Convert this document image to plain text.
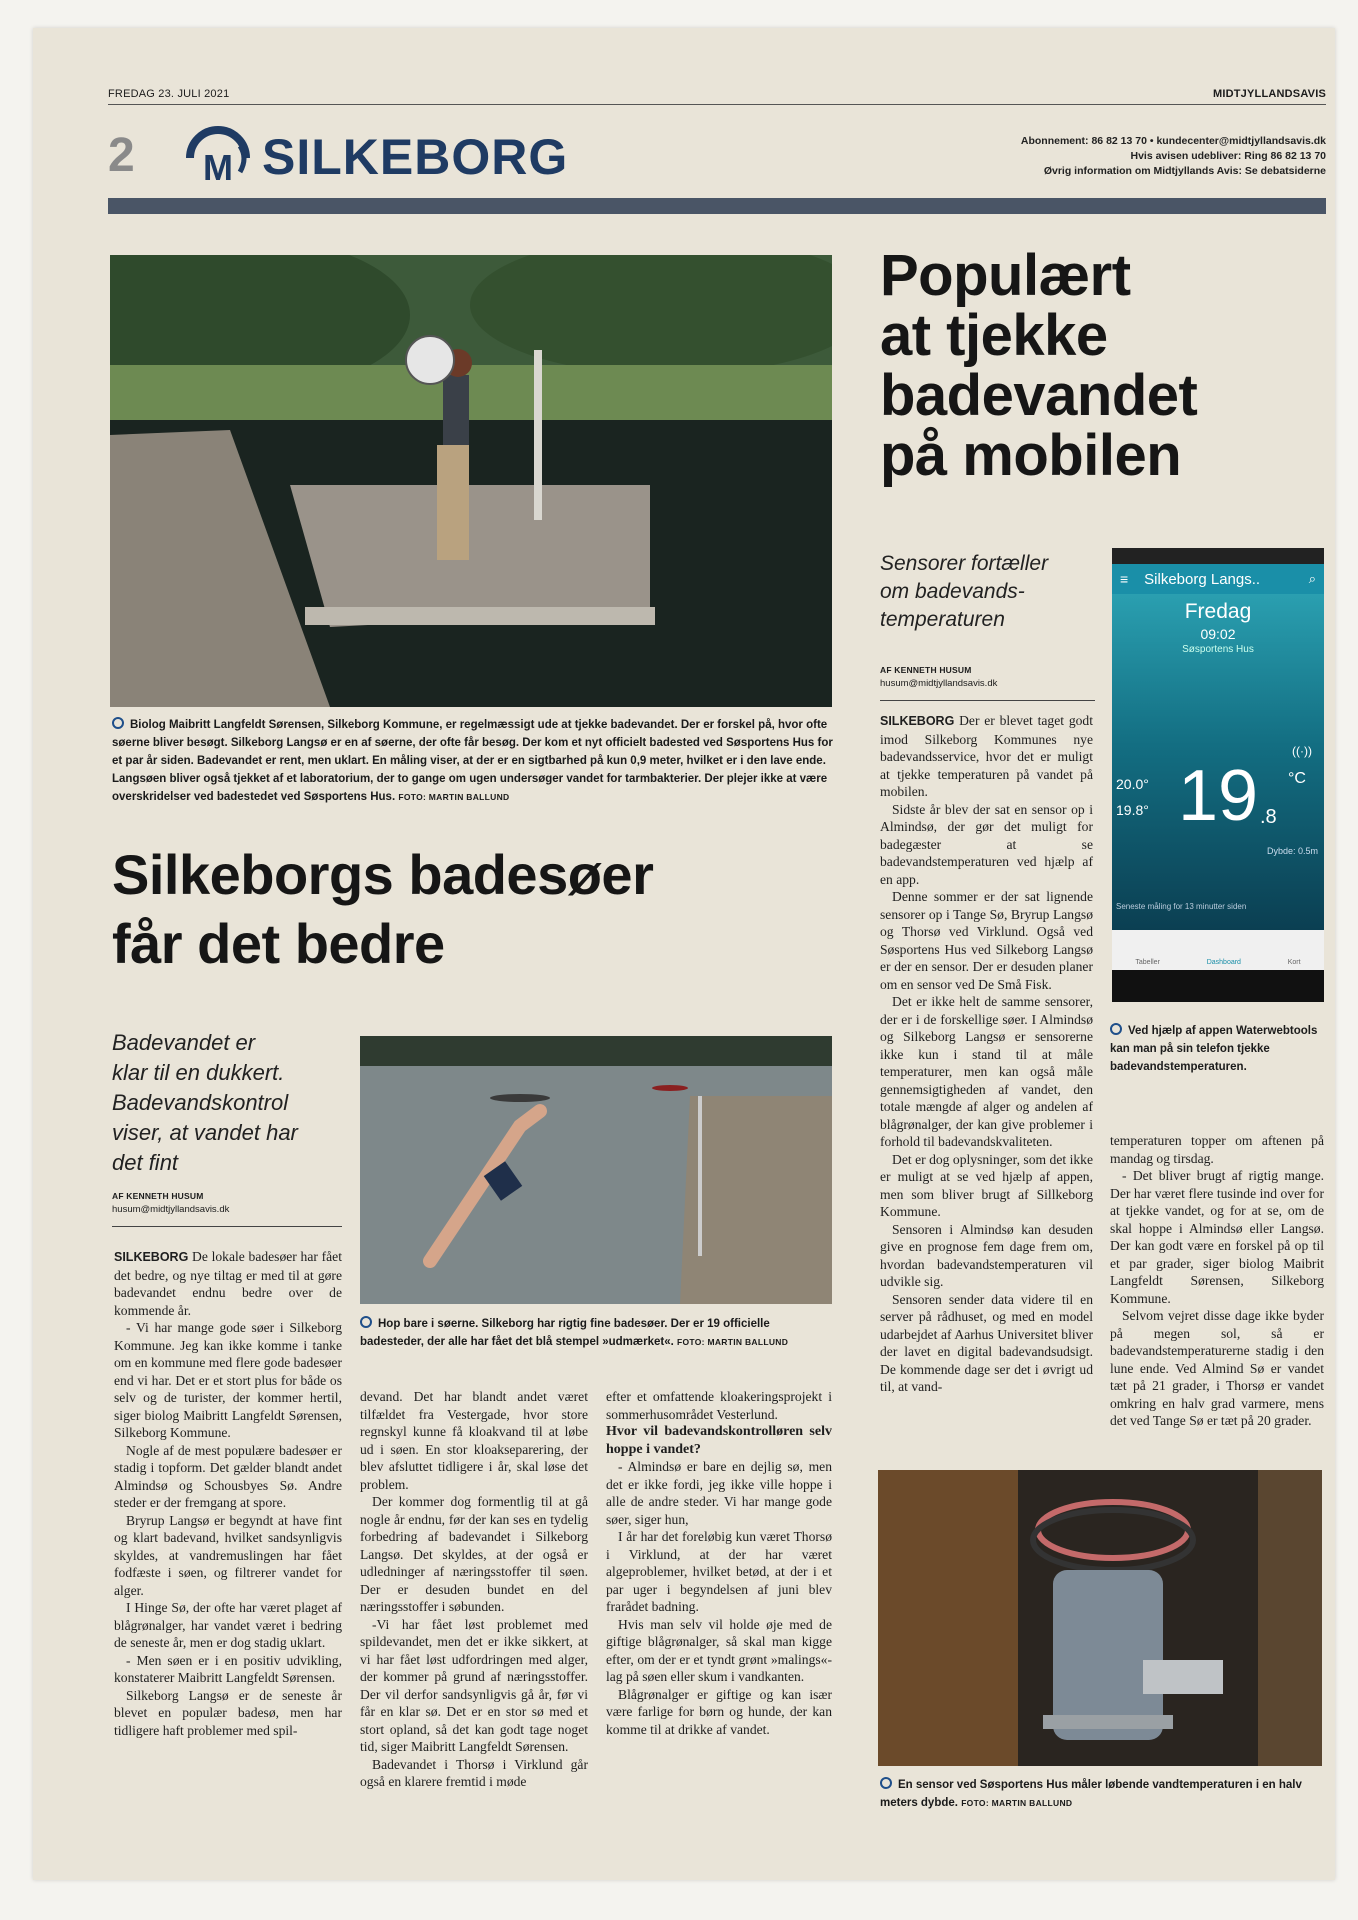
FREDAG 23. JULI 2021	MIDTJYLLANDSAVIS
2 M SILKEBORG	Abonnement: 86 82 13 70 • kundecenter@midtjyllandsavis.dk
Hvis avisen udebliver: Ring 86 82 13 70
Øvrig information om Midtjyllands Avis: Se debatsiderne
Biolog Maibritt Langfeldt Sørensen, Silkeborg Kommune, er regelmæssigt ude at tjekke badevandet. Der er forskel på, hvor ofte søerne bliver besøgt. Silkeborg Langsø er en af søerne, der ofte får besøg. Der kom et nyt officielt badested ved Søsportens Hus for et par år siden. Badevandet er rent, men uklart. En måling viser, at der er en sigtbarhed på kun 0,9 meter, hvilket er i den lave ende. Langsøen bliver også tjekket af et laboratorium, der to gange om ugen undersøger vandet for tarmbakterier. Der plejer ikke at være overskridelser ved badestedet ved Søsportens Hus. FOTO: MARTIN BALLUND
Populært
at tjekke
badevandet
på mobilen
Sensorer fortæller
om badevands-
temperaturen
AF KENNETH HUSUM
husum@midtjyllandsavis.dk

SILKEBORG Der er blevet taget godt imod Silkeborg Kommunes nye badevandsservice, hvor det er muligt at tjekke temperaturen på vandet på mobilen.

Sidste år blev der sat en sensor op i Almindsø, der gør det muligt for badegæster at se badevandstemperaturen ved hjælp af en app.

Denne sommer er der sat lignende sensorer op i Tange Sø, Bryrup Langsø og Thorsø ved Virklund. Også ved Søsportens Hus ved Silkeborg Langsø er der en sensor. Der er desuden planer om en sensor ved De Små Fisk.

Det er ikke helt de samme sensorer, der er i de forskellige søer. I Almindsø og Silkeborg Langsø er sensorerne ikke kun i stand til at måle temperaturer, men kan også måle gennemsigtigheden af vandet, den totale mængde af alger og andelen af blågrønalger, der kan give problemer i forhold til badevandskvaliteten.

Det er dog oplysninger, som det ikke er muligt at se ved hjælp af appen, men som bliver brugt af Sillkeborg Kommune.

Sensoren i Almindsø kan desuden give en prognose fem dage frem om, hvordan badevandstemperaturen vil udvikle sig.

Sensoren sender data videre til en server på rådhuset, og med en model udarbejdet af Aarhus Universitet bliver der lavet en digital badevandsudsigt. De kommende dage ser det i øvrigt ud til, at vand-

temperaturen topper om aftenen på mandag og tirsdag.

- Det bliver brugt af rigtig mange. Der har været flere tusinde ind over for at tjekke vandet, og for at se, om de skal hoppe i Almindsø eller Langsø. Der kan godt være en forskel på op til et par grader, siger biolog Maibrit Langfeldt Sørensen, Silkeborg Kommune.

Selvom vejret disse dage ikke byder på megen sol, så er badevandstemperaturerne stadig i den lune ende. Ved Almind Sø er vandet tæt på 21 grader, i Thorsø er vandet omkring en halv grad varmere, mens det ved Tange Sø er tæt på 20 grader.

≡ Silkeborg Langs..	⌕
Fredag
09:02
Søsportens Hus
((·))
20.0°
19.8° 19 .8
°C
Dybde: 0.5m
Seneste måling for 13 minutter siden
Tabeller	Dashboard	Kort
Ved hjælp af appen Waterwebtools kan man på sin telefon tjekke badevandstemperaturen.
Silkeborgs badesøer
får det bedre
Badevandet er
klar til en dukkert.
Badevandskontrol
viser, at vandet har
det fint
AF KENNETH HUSUM
husum@midtjyllandsavis.dk
Hop bare i søerne. Silkeborg har rigtig fine badesøer. Der er 19 officielle badesteder, der alle har fået det blå stempel »udmærket«. FOTO: MARTIN BALLUND

SILKEBORG De lokale badesøer har fået det bedre, og nye tiltag er med til at gøre badevandet endnu bedre over de kommende år.

- Vi har mange gode søer i Silkeborg Kommune. Jeg kan ikke komme i tanke om en kommune med flere gode badesøer end vi har. Det er et stort plus for både os selv og de turister, der kommer hertil, siger biolog Maibritt Langfeldt Sørensen, Silkeborg Kommune.

Nogle af de mest populære badesøer er stadig i topform. Det gælder blandt andet Almindsø og Schousbyes Sø. Andre steder er der fremgang at spore.

Bryrup Langsø er begyndt at have fint og klart badevand, hvilket sandsynligvis skyldes, at vandremuslingen har fået fodfæste i søen, og filtrerer vandet for alger.

I Hinge Sø, der ofte har været plaget af blågrønalger, har vandet været i bedring de seneste år, men er dog stadig uklart.

- Men søen er i en positiv udvikling, konstaterer Maibritt Langfeldt Sørensen.

Silkeborg Langsø er de seneste år blevet en populær badesø, men har tidligere haft problemer med spil-

devand. Det har blandt andet været tilfældet fra Vestergade, hvor store regnskyl kunne få kloakvand til at løbe ud i søen. En stor kloakseparering, der blev afsluttet tidligere i år, skal løse det problem.

Der kommer dog formentlig til at gå nogle år endnu, før der kan ses en tydelig forbedring af badevandet i Silkeborg Langsø. Det skyldes, at der også er udledninger af næringsstoffer til søen. Der er desuden bundet en del næringsstoffer i søbunden.

-Vi har fået løst problemet med spildevandet, men det er ikke sikkert, at vi har fået løst udfordringen med alger, der kommer på grund af næringsstoffer. Der vil derfor sandsynligvis gå år, før vi får en klar sø. Det er en stor sø med et stort opland, så det kan godt tage noget tid, siger Maibritt Langfeldt Sørensen.

Badevandet i Thorsø i Virklund går også en klarere fremtid i møde

efter et omfattende kloakeringsprojekt i sommerhusområdet Vesterlund.

Hvor vil badevandskontrolløren selv hoppe i vandet?

- Almindsø er bare en dejlig sø, men det er ikke fordi, jeg ikke ville hoppe i alle de andre steder. Vi har mange gode søer, siger hun,

I år har det foreløbig kun været Thorsø i Virklund, at der har været algeproblemer, hvilket betød, at der i et par uger i begyndelsen af juni blev frarådet badning.

Hvis man selv vil holde øje med de giftige blågrønalger, så skal man kigge efter, om der er et tyndt grønt »malings«-lag på søen eller skum i vandkanten.

Blågrønalger er giftige og kan især være farlige for børn og hunde, der kan komme til at drikke af vandet.

En sensor ved Søsportens Hus måler løbende vandtemperaturen i en halv meters dybde. FOTO: MARTIN BALLUND
